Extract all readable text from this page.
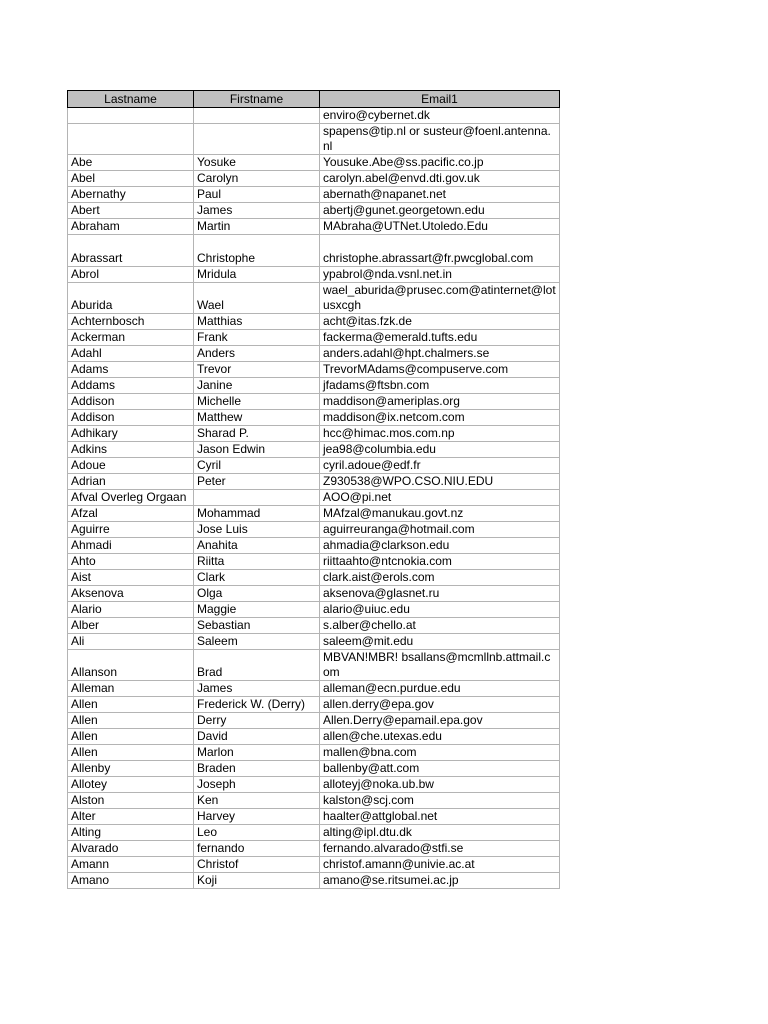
Lastname	Firstname	Email1
		enviro@cybernet.dk
		spapens@tip.nl or susteur@foenl.antenna.nl
Abe	Yosuke	Yousuke.Abe@ss.pacific.co.jp
Abel	Carolyn	carolyn.abel@envd.dti.gov.uk
Abernathy	Paul	abernath@napanet.net
Abert	James	abertj@gunet.georgetown.edu
Abraham	Martin	MAbraha@UTNet.Utoledo.Edu
Abrassart	Christophe	christophe.abrassart@fr.pwcglobal.com
Abrol	Mridula	ypabrol@nda.vsnl.net.in
Aburida	Wael	wael_aburida@prusec.com@atinternet@lotusxcgh
Achternbosch	Matthias	acht@itas.fzk.de
Ackerman	Frank	fackerma@emerald.tufts.edu
Adahl	Anders	anders.adahl@hpt.chalmers.se
Adams	Trevor	TrevorMAdams@compuserve.com
Addams	Janine	jfadams@ftsbn.com
Addison	Michelle	maddison@ameriplas.org
Addison	Matthew	maddison@ix.netcom.com
Adhikary	Sharad P.	hcc@himac.mos.com.np
Adkins	Jason Edwin	jea98@columbia.edu
Adoue	Cyril	cyril.adoue@edf.fr
Adrian	Peter	Z930538@WPO.CSO.NIU.EDU
Afval Overleg Orgaan		AOO@pi.net
Afzal	Mohammad	MAfzal@manukau.govt.nz
Aguirre	Jose Luis	aguirreuranga@hotmail.com
Ahmadi	Anahita	ahmadia@clarkson.edu
Ahto	Riitta	riittaahto@ntcnokia.com
Aist	Clark	clark.aist@erols.com
Aksenova	Olga	aksenova@glasnet.ru
Alario	Maggie	alario@uiuc.edu
Alber	Sebastian	s.alber@chello.at
Ali	Saleem	saleem@mit.edu
Allanson	Brad	MBVAN!MBR! bsallans@mcmllnb.attmail.com
Alleman	James	alleman@ecn.purdue.edu
Allen	Frederick W. (Derry)	allen.derry@epa.gov
Allen	Derry	Allen.Derry@epamail.epa.gov
Allen	David	allen@che.utexas.edu
Allen	Marlon	mallen@bna.com
Allenby	Braden	ballenby@att.com
Allotey	Joseph	alloteyj@noka.ub.bw
Alston	Ken	kalston@scj.com
Alter	Harvey	haalter@attglobal.net
Alting	Leo	alting@ipl.dtu.dk
Alvarado	fernando	fernando.alvarado@stfi.se
Amann	Christof	christof.amann@univie.ac.at
Amano	Koji	amano@se.ritsumei.ac.jp
